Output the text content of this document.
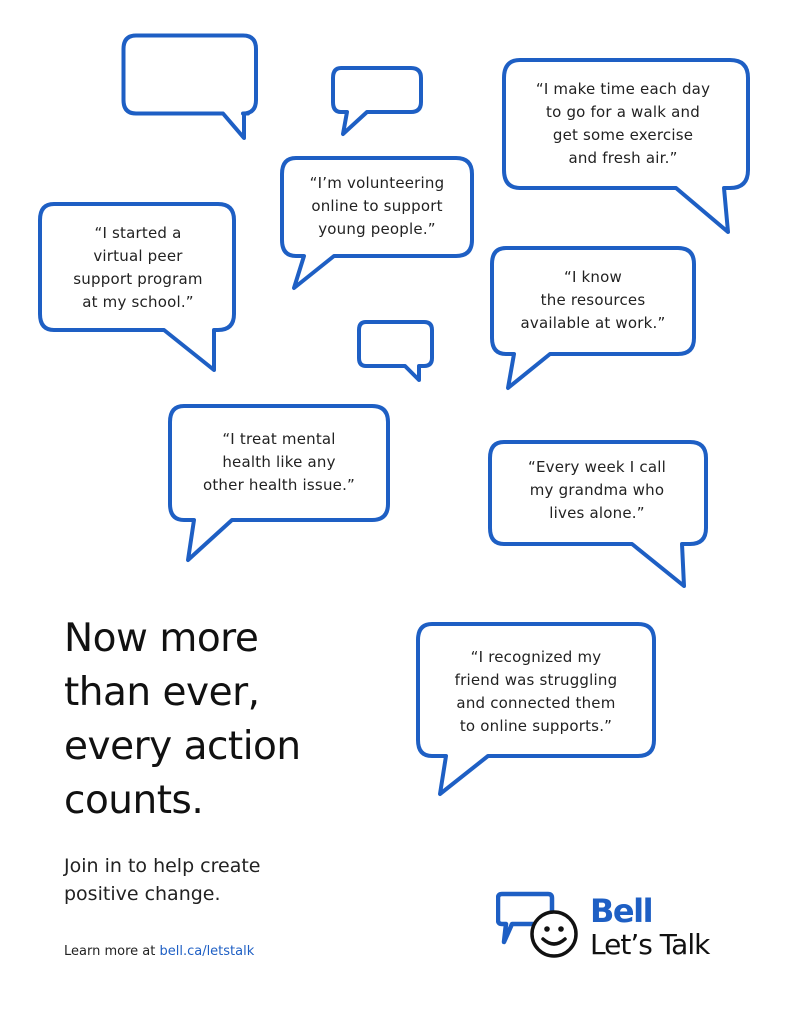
“I make time each day
to go for a walk and
get some exercise
and fresh air.”
“I’m volunteering
online to support
young people.”
“I started a
virtual peer
support program
at my school.”
“I know
the resources
available at work.”
“I treat mental
health like any
other health issue.”
“Every week I call
my grandma who
lives alone.”
“I recognized my
friend was struggling
and connected them
to online supports.”
Now more
than ever,
every action
counts.

Join in to help create
positive change.

Learn more at bell.ca/letstalk
Bell
Let’s Talk
